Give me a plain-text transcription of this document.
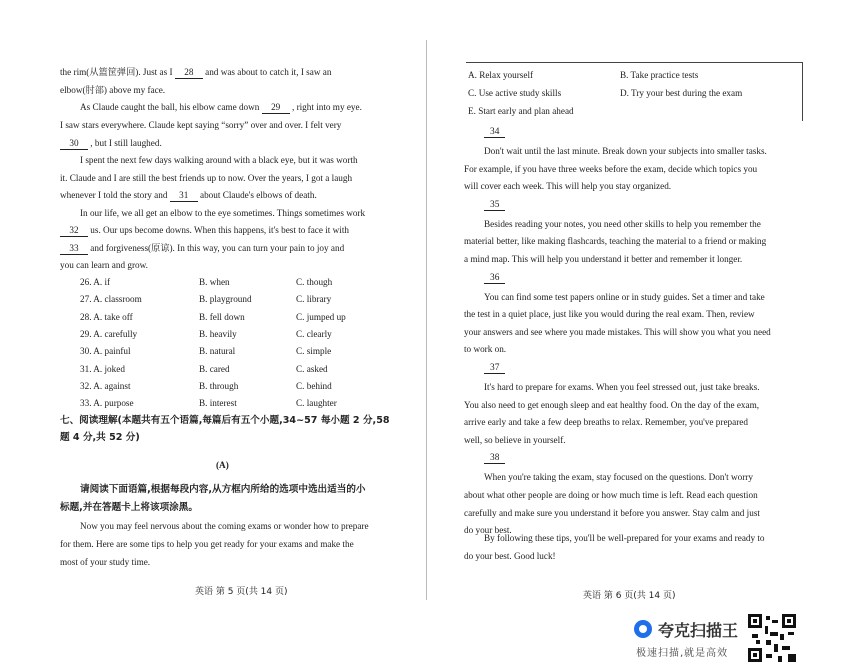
the rim(从篮筐弹回). Just as I 28 and was about to catch it, I saw an
elbow(肘部) above my face.
As Claude caught the ball, his elbow came down 29 , right into my eye.
I saw stars everywhere. Claude kept saying “sorry” over and over. I felt very
30 , but I still laughed.
I spent the next few days walking around with a black eye, but it was worth
it. Claude and I are still the best friends up to now. Over the years, I got a laugh
whenever I told the story and 31 about Claude's elbows of death.
In our life, we all get an elbow to the eye sometimes. Things sometimes work
32 us. Our ups become downs. When this happens, it's best to face it with
33 and forgiveness(原谅). In this way, you can turn your pain to joy and
you can learn and grow.
26. A. if	B. when	C. though
27. A. classroom	B. playground	C. library
28. A. take off	B. fell down	C. jumped up
29. A. carefully	B. heavily	C. clearly
30. A. painful	B. natural	C. simple
31. A. joked	B. cared	C. asked
32. A. against	B. through	C. behind
33. A. purpose	B. interest	C. laughter
七、阅读理解(本题共有五个语篇,每篇后有五个小题,34~57 每小题 2 分,58
题 4 分,共 52 分)
(A)
请阅读下面语篇,根据每段内容,从方框内所给的选项中选出适当的小
标题,并在答题卡上将该项涂黑。
Now you may feel nervous about the coming exams or wonder how to prepare
for them. Here are some tips to help you get ready for your exams and make the
most of your study time.
英语 第 5 页(共 14 页)
A. Relax yourself	B. Take practice tests
C. Use active study skills	D. Try your best during the exam
E. Start early and plan ahead
34
Don't wait until the last minute. Break down your subjects into smaller tasks.
For example, if you have three weeks before the exam, decide which topics you
will cover each week. This will help you stay organized.
35
Besides reading your notes, you need other skills to help you remember the
material better, like making flashcards, teaching the material to a friend or making
a mind map. This will help you understand it better and remember it longer.
36
You can find some test papers online or in study guides. Set a timer and take
the test in a quiet place, just like you would during the real exam. Then, review
your answers and see where you made mistakes. This will show you what you need
to work on.
37
It's hard to prepare for exams. When you feel stressed out, just take breaks.
You also need to get enough sleep and eat healthy food. On the day of the exam,
arrive early and take a few deep breaths to relax. Remember, you've prepared
well, so believe in yourself.
38
When you're taking the exam, stay focused on the questions. Don't worry
about what other people are doing or how much time is left. Read each question
carefully and make sure you understand it before you answer. Stay calm and just
do your best.
By following these tips, you'll be well-prepared for your exams and ready to
do your best. Good luck!
英语 第 6 页(共 14 页)
夸克扫描王
极速扫描,就是高效
